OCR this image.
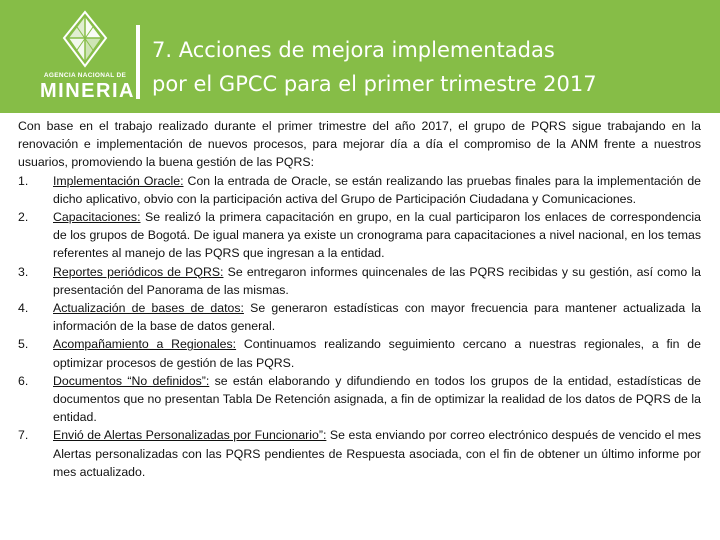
AGENCIA NACIONAL DE
MINERIA
7. Acciones de mejora implementadas
por el GPCC para el primer trimestre 2017

Con base en el trabajo realizado durante el primer trimestre del año 2017, el grupo de PQRS sigue trabajando en la renovación e implementación de nuevos procesos, para mejorar día a día el compromiso de la ANM frente a nuestros usuarios, promoviendo la buena gestión de las PQRS:

1. Implementación Oracle: Con la entrada de Oracle, se están realizando las pruebas finales para la implementación de dicho aplicativo, obvio con la participación activa del Grupo de Participación Ciudadana y Comunicaciones.
2. Capacitaciones: Se realizó la primera capacitación en grupo, en la cual participaron los enlaces de correspondencia de los grupos de Bogotá. De igual manera ya existe un cronograma para capacitaciones a nivel nacional, en los temas referentes al manejo de las PQRS que ingresan a la entidad.
3. Reportes periódicos de PQRS: Se entregaron informes quincenales de las PQRS recibidas y su gestión, así como la presentación del Panorama de las mismas.
4. Actualización de bases de datos: Se generaron estadísticas con mayor frecuencia para mantener actualizada la información de la base de datos general.
5. Acompañamiento a Regionales: Continuamos realizando seguimiento cercano a nuestras regionales, a fin de optimizar procesos de gestión de las PQRS.
6. Documentos “No definidos”: se están elaborando y difundiendo en todos los grupos de la entidad, estadísticas de documentos que no presentan Tabla De Retención asignada, a fin de optimizar la realidad de los datos de PQRS de la entidad.
7. Envió de Alertas Personalizadas por Funcionario”: Se esta enviando por correo electrónico después de vencido el mes Alertas personalizadas con las PQRS pendientes de Respuesta asociada, con el fin de obtener un último informe por mes actualizado.
